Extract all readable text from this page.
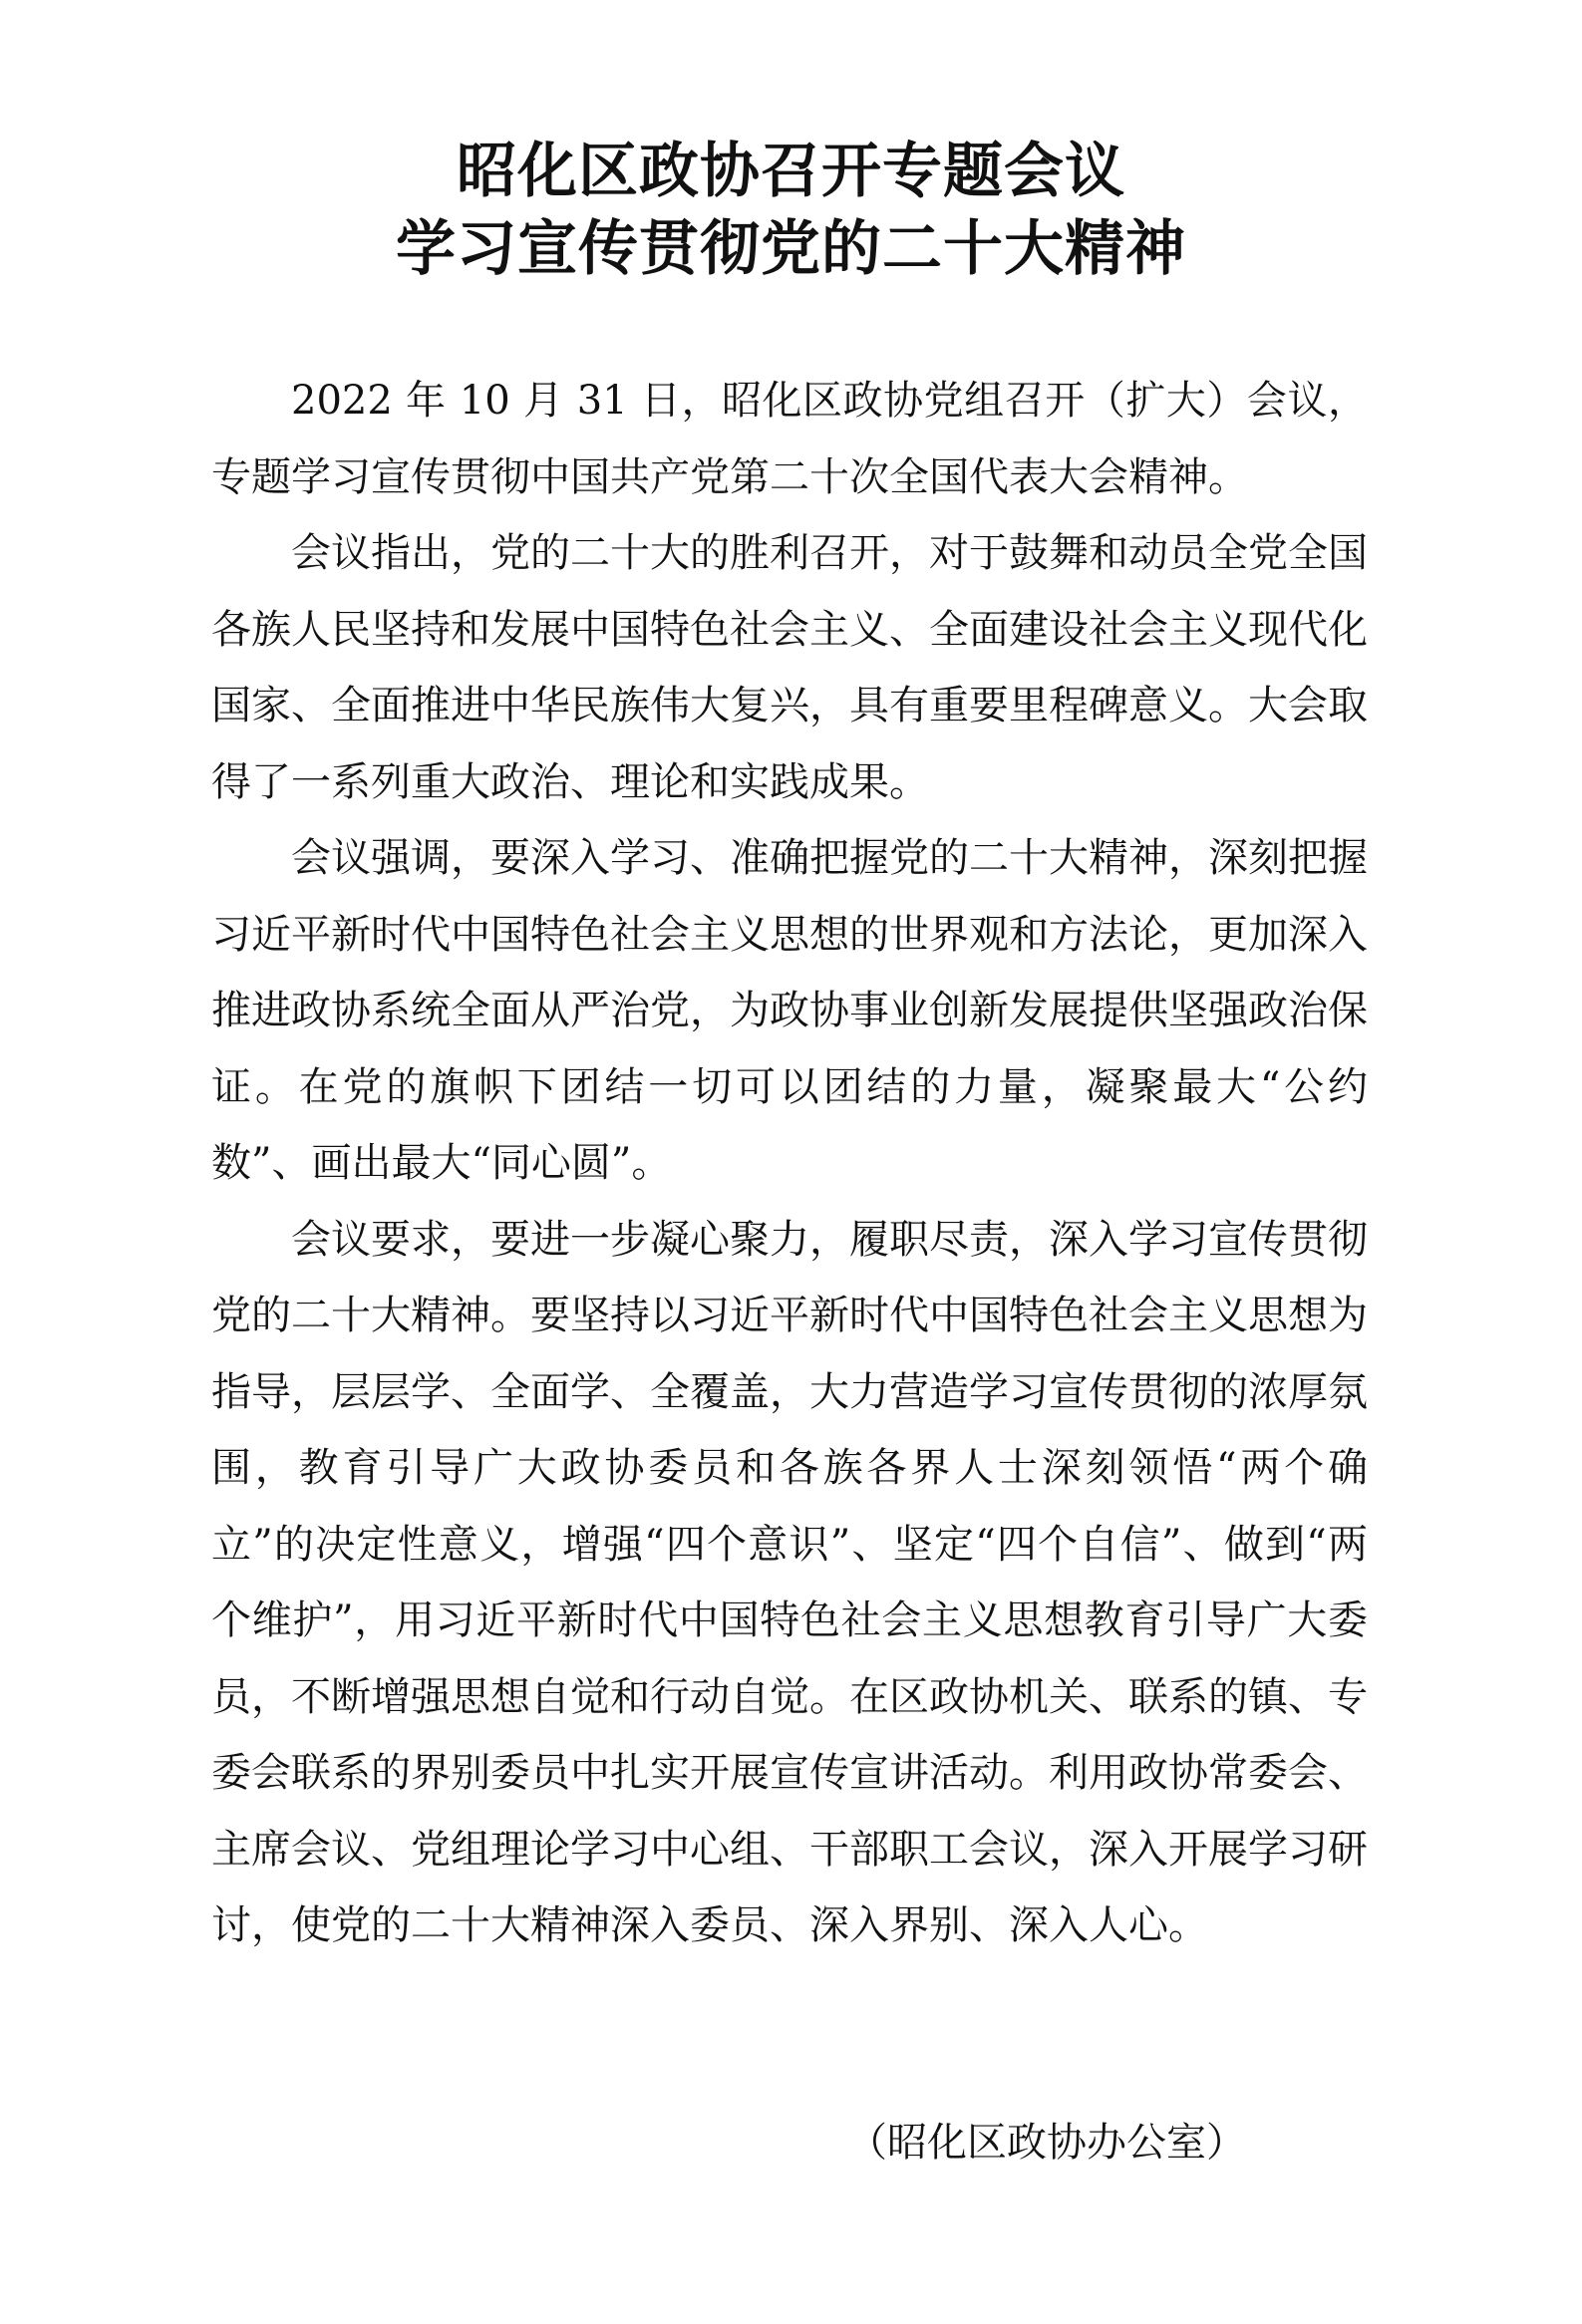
昭化区政协召开专题会议
学习宣传贯彻党的二十大精神

2022 年 10 月 31 日，昭化区政协党组召开（扩大）会议，专题学习宣传贯彻中国共产党第二十次全国代表大会精神。

会议指出，党的二十大的胜利召开，对于鼓舞和动员全党全国各族人民坚持和发展中国特色社会主义、全面建设社会主义现代化国家、全面推进中华民族伟大复兴，具有重要里程碑意义。大会取得了一系列重大政治、理论和实践成果。

会议强调，要深入学习、准确把握党的二十大精神，深刻把握习近平新时代中国特色社会主义思想的世界观和方法论，更加深入推进政协系统全面从严治党，为政协事业创新发展提供坚强政治保证。在党的旗帜下团结一切可以团结的力量，凝聚最大“公约数”、画出最大“同心圆”。

会议要求，要进一步凝心聚力，履职尽责，深入学习宣传贯彻党的二十大精神。要坚持以习近平新时代中国特色社会主义思想为指导，层层学、全面学、全覆盖，大力营造学习宣传贯彻的浓厚氛围，教育引导广大政协委员和各族各界人士深刻领悟“两个确立”的决定性意义，增强“四个意识”、坚定“四个自信”、做到“两个维护”，用习近平新时代中国特色社会主义思想教育引导广大委员，不断增强思想自觉和行动自觉。在区政协机关、联系的镇、专委会联系的界别委员中扎实开展宣传宣讲活动。利用政协常委会、主席会议、党组理论学习中心组、干部职工会议，深入开展学习研讨，使党的二十大精神深入委员、深入界别、深入人心。

（昭化区政协办公室）
